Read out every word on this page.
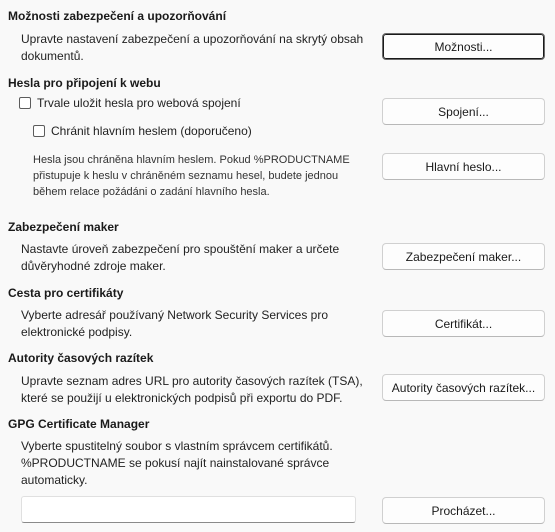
Možnosti zabezpečení a upozorňování
Upravte nastavení zabezpečení a upozorňování na skrytý obsah
dokumentů.
Možnosti...
Hesla pro připojení k webu
Trvale uložit hesla pro webová spojení
Chránit hlavním heslem (doporučeno)
Hesla jsou chráněna hlavním heslem. Pokud %PRODUCTNAME
přistupuje k heslu v chráněném seznamu hesel, budete jednou
během relace požádáni o zadání hlavního hesla.
Spojení...
Hlavní heslo...
Zabezpečení maker
Nastavte úroveň zabezpečení pro spouštění maker a určete
důvěryhodné zdroje maker.
Zabezpečení maker...
Cesta pro certifikáty
Vyberte adresář používaný Network Security Services pro
elektronické podpisy.
Certifikát...
Autority časových razítek
Upravte seznam adres URL pro autority časových razítek (TSA),
které se použijí u elektronických podpisů při exportu do PDF.
Autority časových razítek...
GPG Certificate Manager
Vyberte spustitelný soubor s vlastním správcem certifikátů.
%PRODUCTNAME se pokusí najít nainstalované správce
automaticky.
Procházet...
